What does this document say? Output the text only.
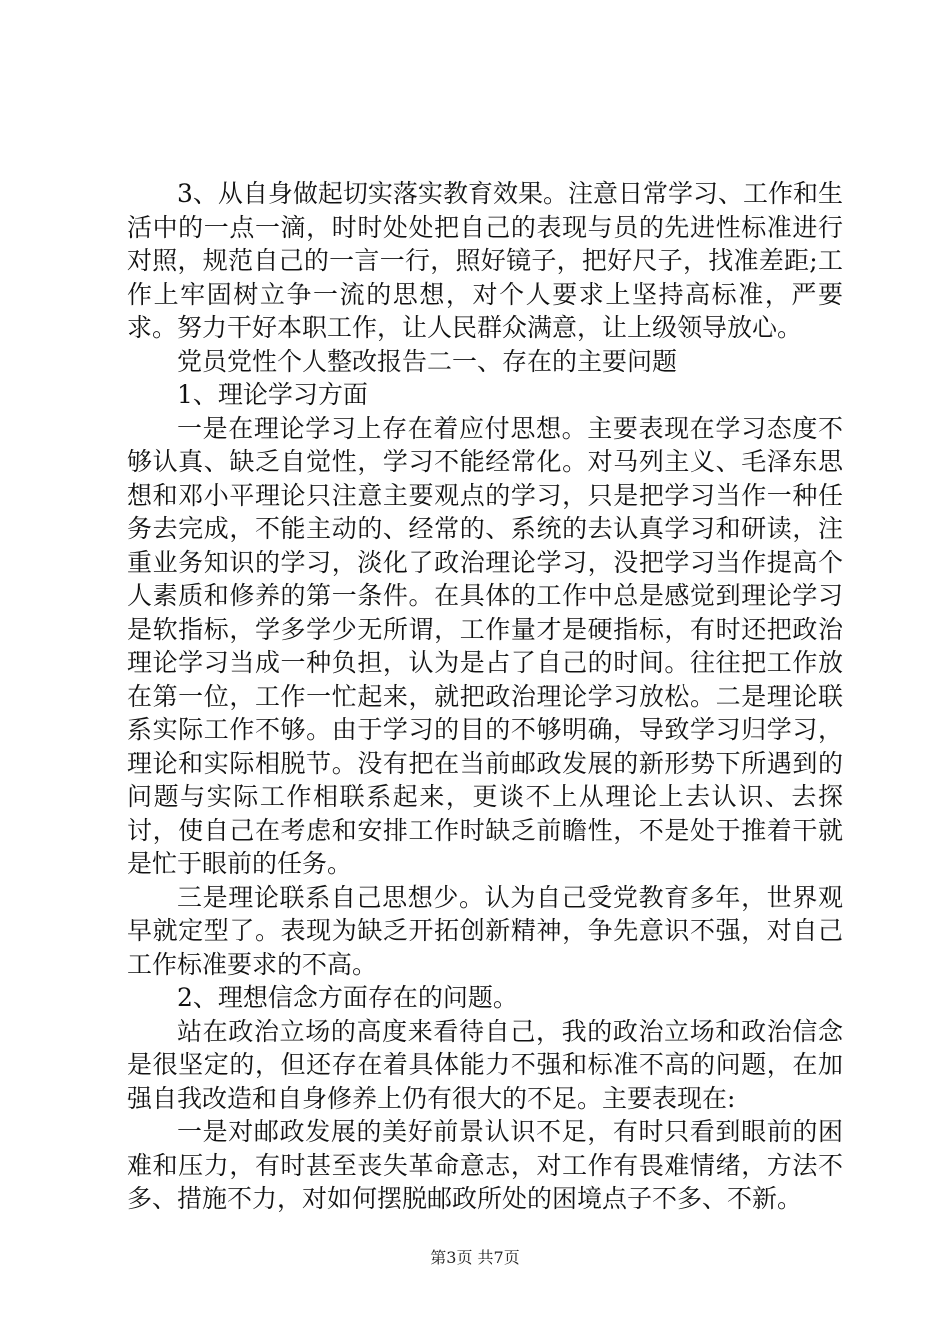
3、从自身做起切实落实教育效果。注意日常学习、工作和生活中的一点一滴，时时处处把自己的表现与员的先进性标准进行对照，规范自己的一言一行，照好镜子，把好尺子，找准差距;工作上牢固树立争一流的思想，对个人要求上坚持高标准，严要求。努力干好本职工作，让人民群众满意，让上级领导放心。

党员党性个人整改报告二一、存在的主要问题

1、理论学习方面

一是在理论学习上存在着应付思想。主要表现在学习态度不够认真、缺乏自觉性，学习不能经常化。对马列主义、毛泽东思想和邓小平理论只注意主要观点的学习，只是把学习当作一种任务去完成，不能主动的、经常的、系统的去认真学习和研读，注重业务知识的学习，淡化了政治理论学习，没把学习当作提高个人素质和修养的第一条件。在具体的工作中总是感觉到理论学习是软指标，学多学少无所谓，工作量才是硬指标，有时还把政治理论学习当成一种负担，认为是占了自己的时间。往往把工作放在第一位，工作一忙起来，就把政治理论学习放松。二是理论联系实际工作不够。由于学习的目的不够明确，导致学习归学习，理论和实际相脱节。没有把在当前邮政发展的新形势下所遇到的问题与实际工作相联系起来，更谈不上从理论上去认识、去探讨，使自己在考虑和安排工作时缺乏前瞻性，不是处于推着干就是忙于眼前的任务。

三是理论联系自己思想少。认为自己受党教育多年，世界观早就定型了。表现为缺乏开拓创新精神，争先意识不强，对自己工作标准要求的不高。

2、理想信念方面存在的问题。

站在政治立场的高度来看待自己，我的政治立场和政治信念是很坚定的，但还存在着具体能力不强和标准不高的问题，在加强自我改造和自身修养上仍有很大的不足。主要表现在:

一是对邮政发展的美好前景认识不足，有时只看到眼前的困难和压力，有时甚至丧失革命意志，对工作有畏难情绪，方法不多、措施不力，对如何摆脱邮政所处的困境点子不多、不新。

第3页 共7页
